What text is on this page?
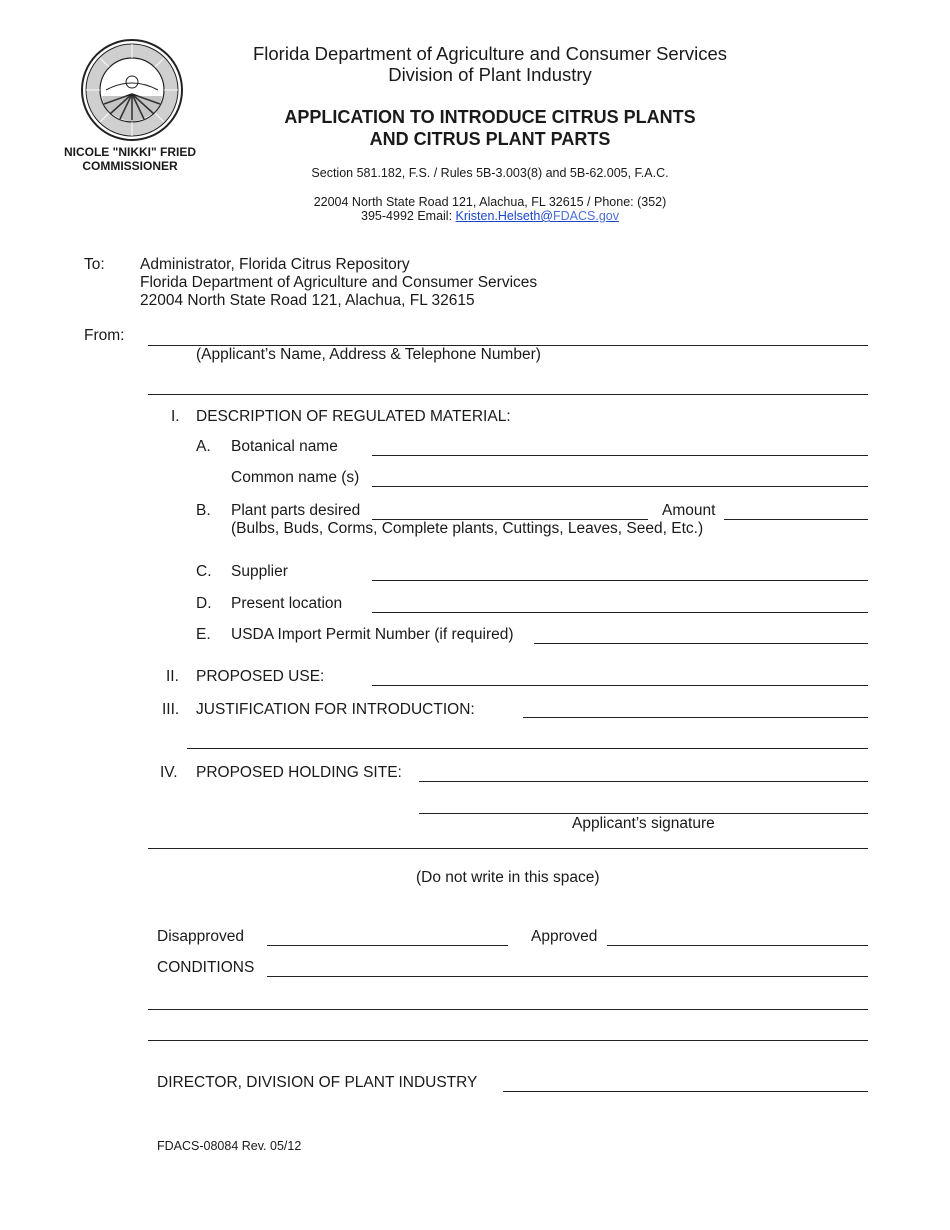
NICOLE "NIKKI" FRIED
COMMISSIONER
Florida Department of Agriculture and Consumer Services
Division of Plant Industry
APPLICATION TO INTRODUCE CITRUS PLANTS
AND CITRUS PLANT PARTS
Section 581.182, F.S. / Rules 5B-3.003(8) and 5B-62.005, F.A.C.
22004 North State Road 121, Alachua, FL 32615 / Phone: (352)
395-4992 Email: Kristen.Helseth@FDACS.gov
To: Administrator, Florida Citrus Repository
Florida Department of Agriculture and Consumer Services
22004 North State Road 121, Alachua, FL 32615
From:
(Applicant’s Name, Address & Telephone Number)
I. DESCRIPTION OF REGULATED MATERIAL:
A. Botanical name
Common name (s)
B. Plant parts desired	Amount
(Bulbs, Buds, Corms, Complete plants, Cuttings, Leaves, Seed, Etc.)
C. Supplier
D. Present location
E. USDA Import Permit Number (if required)
II. PROPOSED USE:
III. JUSTIFICATION FOR INTRODUCTION:
IV. PROPOSED HOLDING SITE:
Applicant’s signature
(Do not write in this space)
Disapproved	Approved
CONDITIONS
DIRECTOR, DIVISION OF PLANT INDUSTRY
FDACS-08084 Rev. 05/12
